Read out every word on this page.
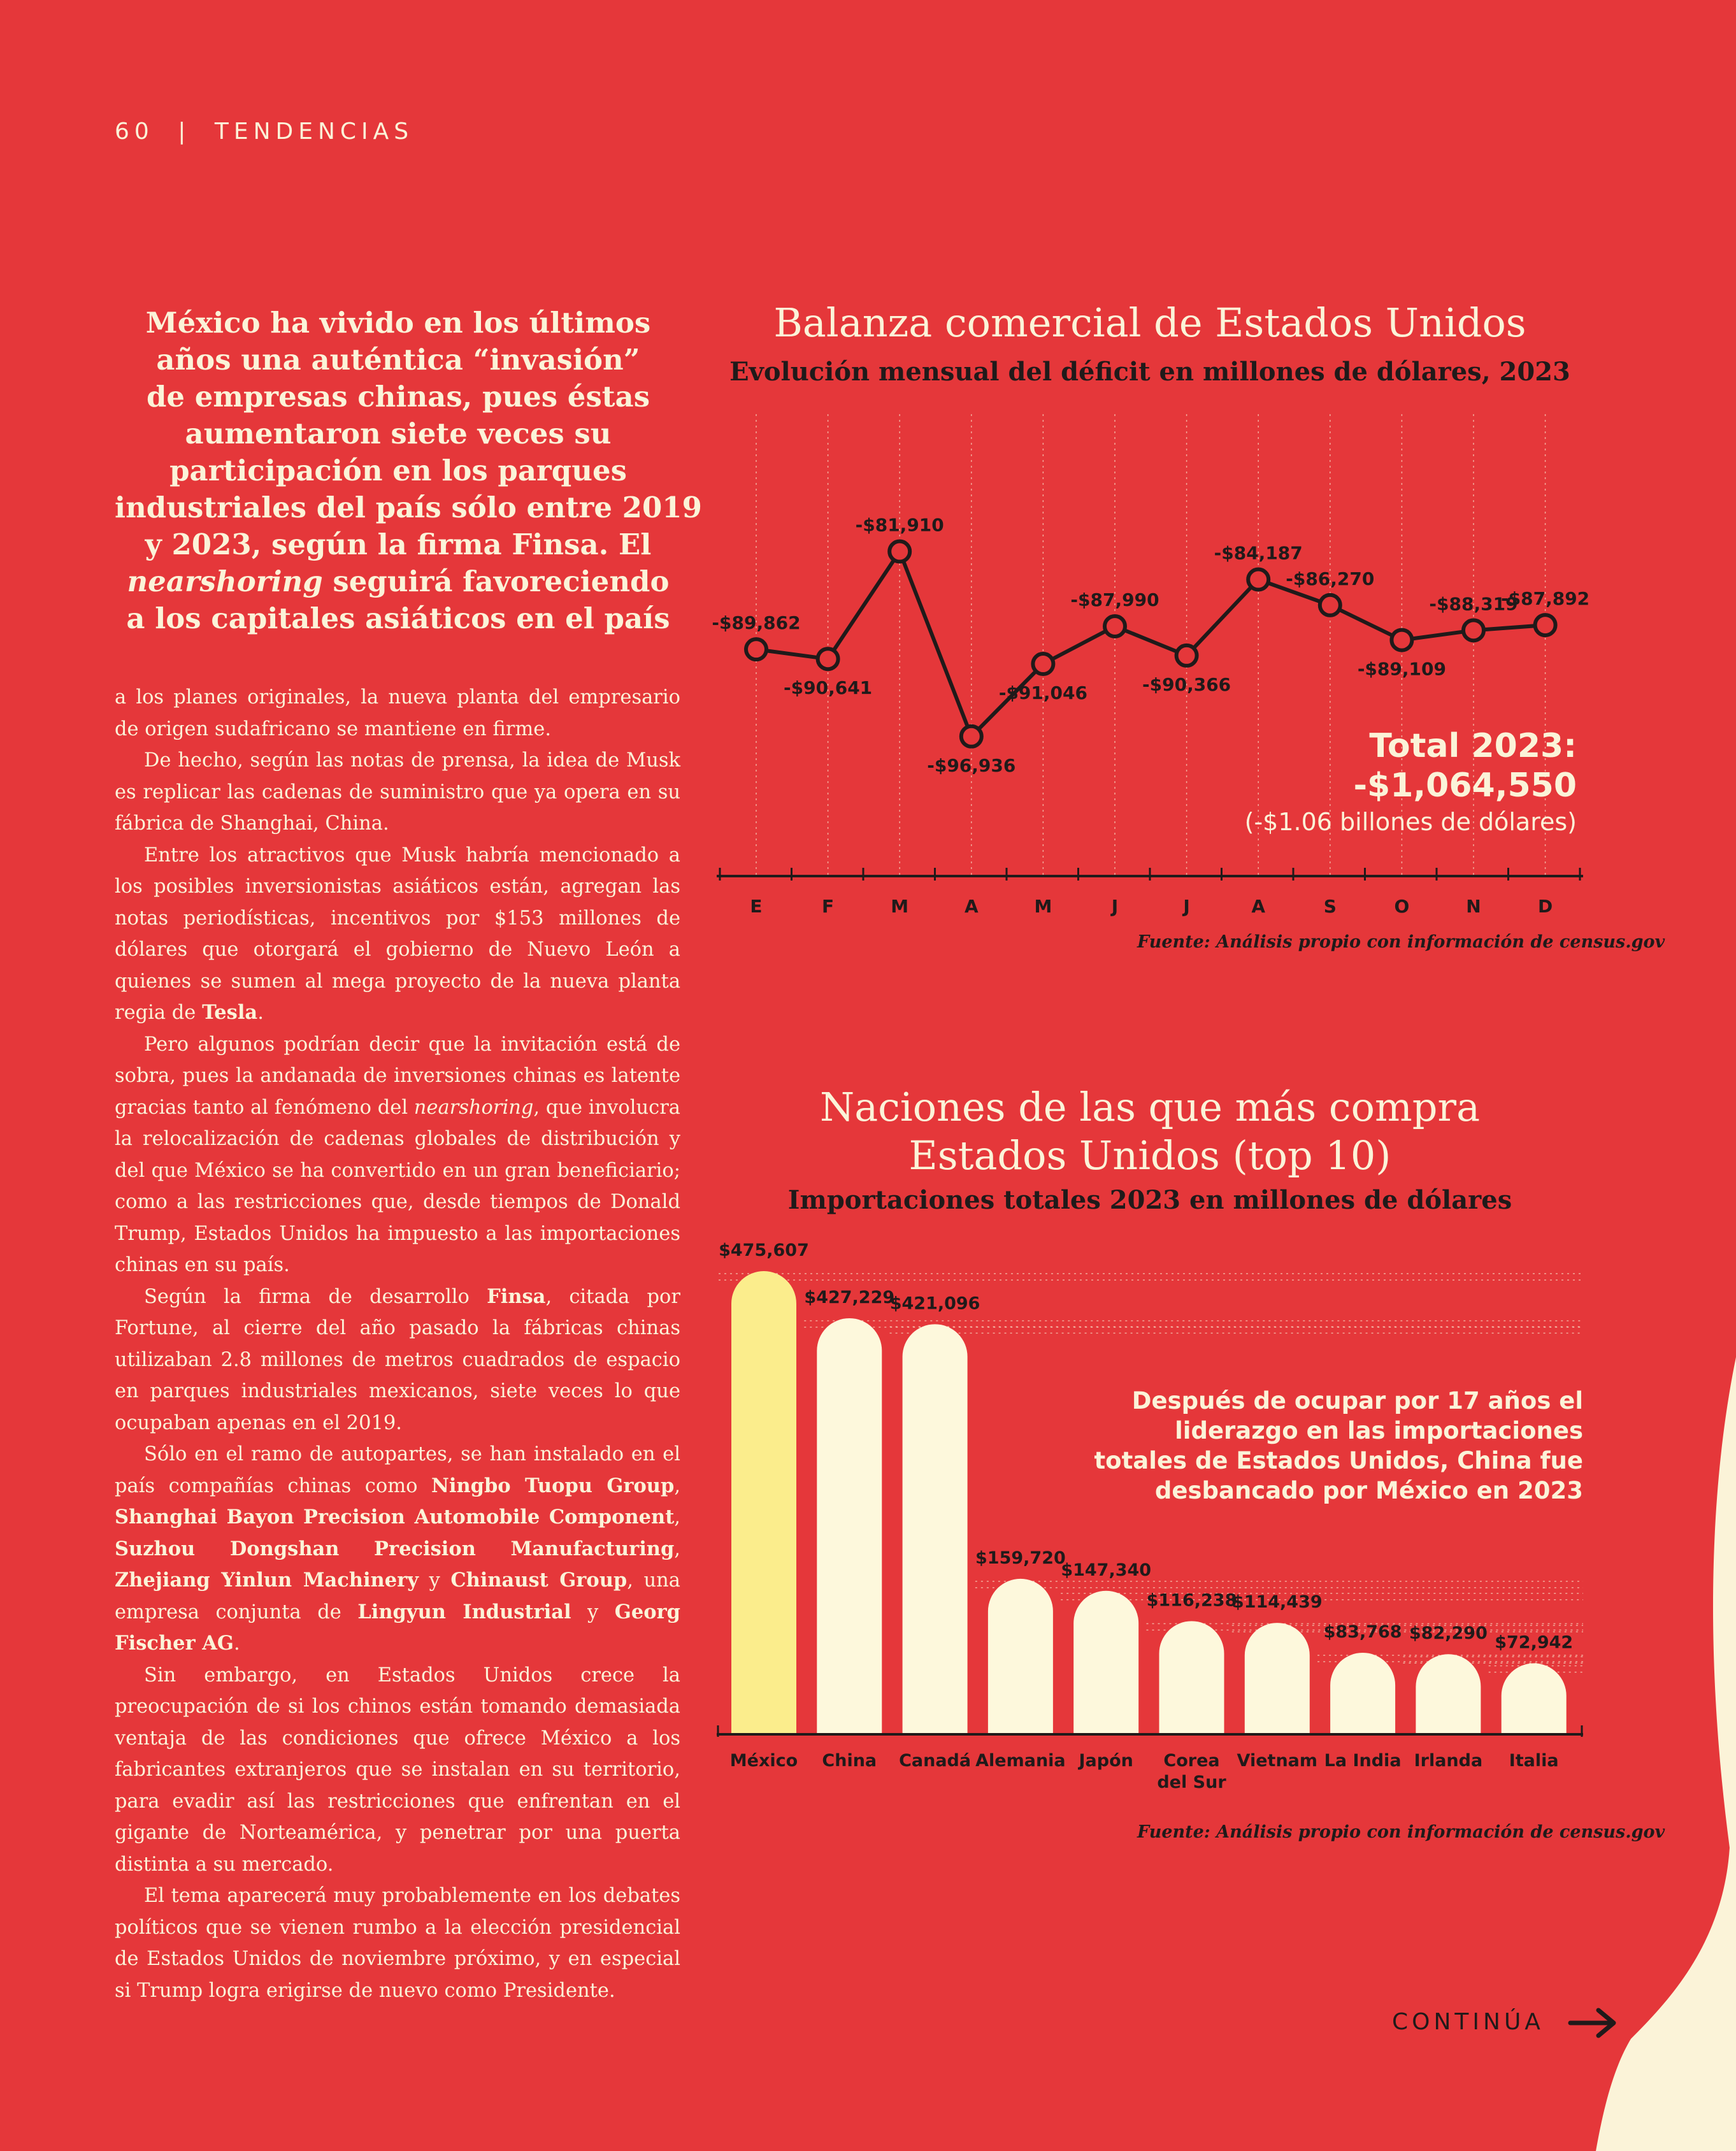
60 | TENDENCIAS
México ha vivido en los últimos
años una auténtica “invasión”
de empresas chinas, pues éstas
aumentaron siete veces su
participación en los parques
industriales del país sólo entre 2019
y 2023, según la firma Finsa. El
nearshoring seguirá favoreciendo
a los capitales asiáticos en el país

a los planes originales, la nueva planta del empresario de origen sudafricano se mantiene en firme.

De hecho, según las notas de prensa, la idea de Musk es replicar las cadenas de suministro que ya opera en su fábrica de Shanghai, China.

Entre los atractivos que Musk habría mencionado a los posibles inversionistas asiáticos están, agregan las notas periodísticas, incentivos por $153 millones de dólares que otorgará el gobierno de Nuevo León a quienes se sumen al mega proyecto de la nueva planta regia de Tesla.

Pero algunos podrían decir que la invitación está de sobra, pues la andanada de inversiones chinas es latente gracias tanto al fenómeno del nearshoring, que involucra la relocalización de cadenas globales de distribución y del que México se ha convertido en un gran beneficiario; como a las restricciones que, desde tiempos de Donald Trump, Estados Unidos ha impuesto a las importaciones chinas en su país.

Según la firma de desarrollo Finsa, citada por Fortune, al cierre del año pasado la fábricas chinas utilizaban 2.8 millones de metros cuadrados de espacio en parques industriales mexicanos, siete veces lo que ocupaban apenas en el 2019.

Sólo en el ramo de autopartes, se han instalado en el país compañías chinas como Ningbo Tuopu Group, Shanghai Bayon Precision Automobile Component, Suzhou Dongshan Precision Manufacturing, Zhejiang Yinlun Machinery y Chinaust Group, una empresa conjunta de Lingyun Industrial y Georg Fischer AG.

Sin embargo, en Estados Unidos crece la preocupación de si los chinos están tomando demasiada ventaja de las condiciones que ofrece México a los fabricantes extranjeros que se instalan en su territorio, para evadir así las restricciones que enfrentan en el gigante de Norteamérica, y penetrar por una puerta distinta a su mercado.

El tema aparecerá muy probablemente en los debates políticos que se vienen rumbo a la elección presidencial de Estados Unidos de noviembre próximo, y en especial si Trump logra erigirse de nuevo como Presidente.

Balanza comercial de Estados Unidos
Evolución mensual del déficit en millones de dólares, 2023
-$89,862
-$90,641
-$81,910
-$96,936
-$91,046
-$87,990
-$90,366
-$84,187
-$86,270
-$89,109
-$88,319
-$87,892
E	F	M	A	M	J	J	A	S	O	N	D
Total 2023:
-$1,064,550
(-$1.06 billones de dólares)
Fuente: Análisis propio con información de census.gov
Naciones de las que más compra
Estados Unidos (top 10)
Importaciones totales 2023 en millones de dólares
$475,607
México
$427,229
China
$421,096
Canadá
$159,720
Alemania
$147,340
Japón
$116,238
Corea
del Sur
$114,439
Vietnam
$83,768
La India
$82,290
Irlanda
$72,942
Italia
Después de ocupar por 17 años el
liderazgo en las importaciones
totales de Estados Unidos, China fue
desbancado por México en 2023
Fuente: Análisis propio con información de census.gov
CONTINÚA
